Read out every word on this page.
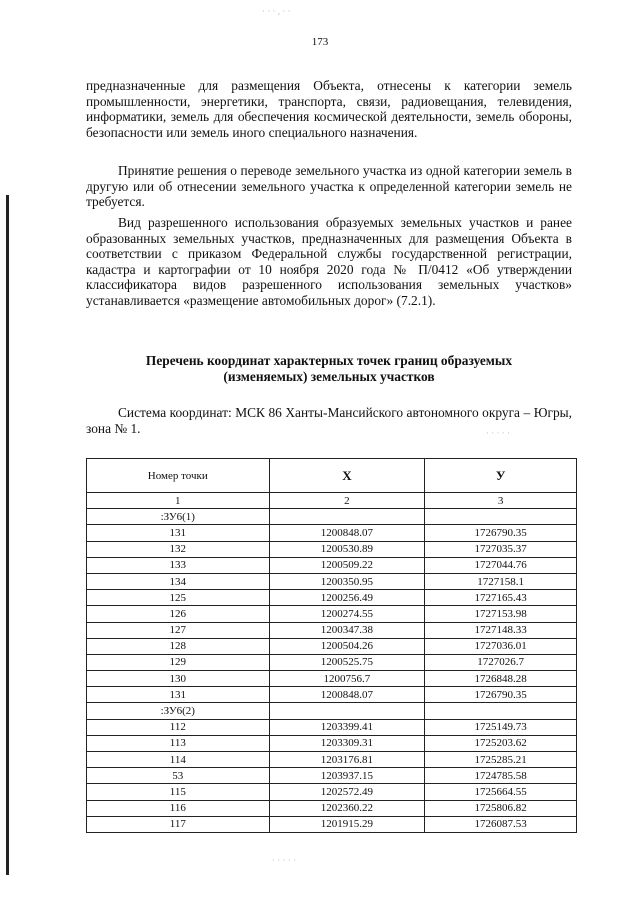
173
· · · , · ·
· · · · ·
· · · · ·

предназначенные для размещения Объекта, отнесены к категории земель промышленности, энергетики, транспорта, связи, радиовещания, телевидения, информатики, земель для обеспечения космической деятельности, земель обороны, безопасности или земель иного специального назначения.

Принятие решения о переводе земельного участка из одной категории земель в другую или об отнесении земельного участка к определенной категории земель не требуется.

Вид разрешенного использования образуемых земельных участков и ранее образованных земельных участков, предназначенных для размещения Объекта в соответствии с приказом Федеральной службы государственной регистрации, кадастра и картографии от 10 ноября 2020 года № П/0412 «Об утверждении классификатора видов разрешенного использования земельных участков» устанавливается «размещение автомобильных дорог» (7.2.1).

Перечень координат характерных точек границ образуемых
(изменяемых) земельных участков

Система координат: МСК 86 Ханты-Мансийского автономного округа – Югры, зона № 1.

Номер точки	X	У
1	2	3
:ЗУ6(1)		
131	1200848.07	1726790.35
132	1200530.89	1727035.37
133	1200509.22	1727044.76
134	1200350.95	1727158.1
125	1200256.49	1727165.43
126	1200274.55	1727153.98
127	1200347.38	1727148.33
128	1200504.26	1727036.01
129	1200525.75	1727026.7
130	1200756.7	1726848.28
131	1200848.07	1726790.35
:ЗУ6(2)		
112	1203399.41	1725149.73
113	1203309.31	1725203.62
114	1203176.81	1725285.21
53	1203937.15	1724785.58
115	1202572.49	1725664.55
116	1202360.22	1725806.82
117	1201915.29	1726087.53
